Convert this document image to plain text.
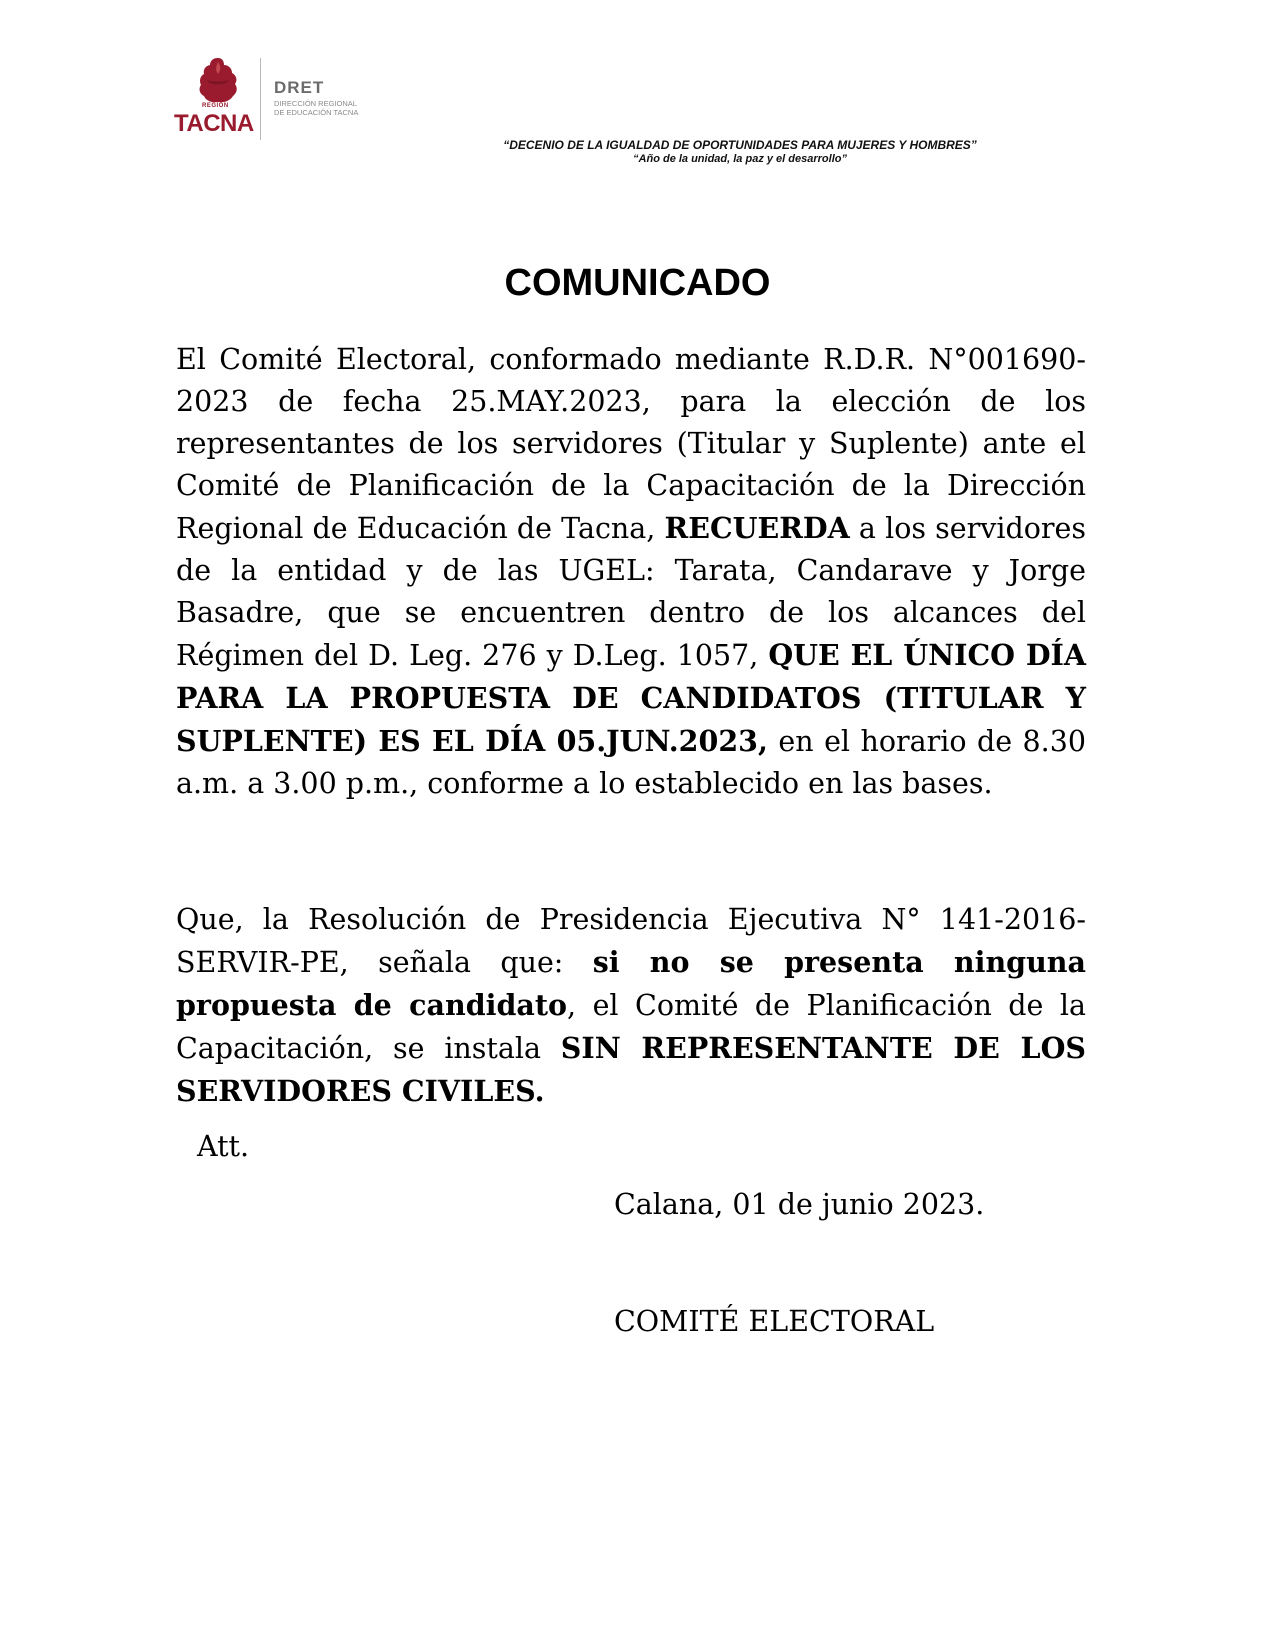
REGIÓN
TACNA
DRET
DIRECCIÓN REGIONAL
DE EDUCACIÓN TACNA
“DECENIO DE LA IGUALDAD DE OPORTUNIDADES PARA MUJERES Y HOMBRES”
“Año de la unidad, la paz y el desarrollo”
COMUNICADO

El Comité Electoral, conformado mediante R.D.R. N°001690-2023 de fecha 25.MAY.2023, para la elección de los representantes de los servidores (Titular y Suplente) ante el Comité de Planificación de la Capacitación de la Dirección Regional de Educación de Tacna, RECUERDA a los servidores de la entidad y de las UGEL: Tarata, Candarave y Jorge Basadre, que se encuentren dentro de los alcances del Régimen del D. Leg. 276 y D.Leg. 1057, QUE EL ÚNICO DÍA PARA LA PROPUESTA DE CANDIDATOS (TITULAR Y SUPLENTE) ES EL DÍA 05.JUN.2023, en el horario de 8.30 a.m. a 3.00 p.m., conforme a lo establecido en las bases.

Que, la Resolución de Presidencia Ejecutiva N° 141-2016-SERVIR-PE, señala que: si no se presenta ninguna propuesta de candidato, el Comité de Planificación de la Capacitación, se instala SIN REPRESENTANTE DE LOS SERVIDORES CIVILES.

Att.

Calana, 01 de junio 2023.

COMITÉ ELECTORAL
